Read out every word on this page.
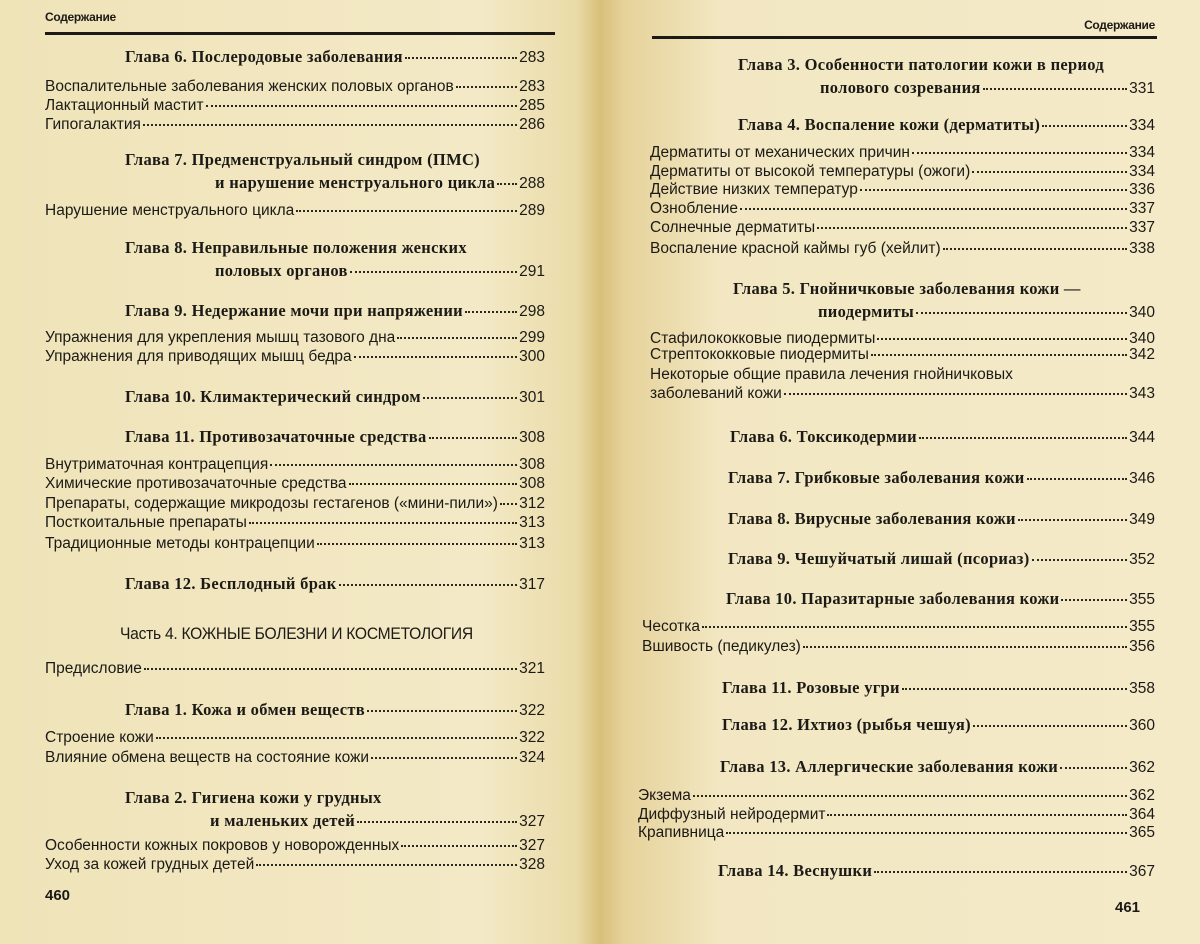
Содержание
Глава 6. Послеродовые заболевания	283
Воспалительные заболевания женских половых органов	283
Лактационный мастит	285
Гипогалактия	286
Глава 7. Предменструальный синдром (ПМС)
и нарушение менструального цикла 288
Нарушение менструального цикла	289
Глава 8. Неправильные положения женских
половых органов	291
Глава 9. Недержание мочи при напряжении	298
Упражнения для укрепления мышц тазового дна	299
Упражнения для приводящих мышц бедра	300
Глава 10. Климактерический синдром	301
Глава 11. Противозачаточные средства	308
Внутриматочная контрацепция	308
Химические противозачаточные средства	308
Препараты, содержащие микродозы гестагенов («мини-пили») 312
Посткоитальные препараты	313
Традиционные методы контрацепции	313
Глава 12. Бесплодный брак	317
Часть 4. КОЖНЫЕ БОЛЕЗНИ И КОСМЕТОЛОГИЯ
Предисловие	321
Глава 1. Кожа и обмен веществ	322
Строение кожи	322
Влияние обмена веществ на состояние кожи	324
Глава 2. Гигиена кожи у грудных
и маленьких детей	327
Особенности кожных покровов у новорожденных	327
Уход за кожей грудных детей	328
460
Содержание
Глава 3. Особенности патологии кожи в период
полового созревания	331
Глава 4. Воспаление кожи (дерматиты)	334
Дерматиты от механических причин	334
Дерматиты от высокой температуры (ожоги)	334
Действие низких температур	336
Ознобление	337
Солнечные дерматиты	337
Воспаление красной каймы губ (хейлит)	338
Глава 5. Гнойничковые заболевания кожи —
пиодермиты	340
Стафилококковые пиодермиты	340
Стрептококковые пиодермиты	342
Некоторые общие правила лечения гнойничковых
заболеваний кожи	343
Глава 6. Токсикодермии	344
Глава 7. Грибковые заболевания кожи	346
Глава 8. Вирусные заболевания кожи	349
Глава 9. Чешуйчатый лишай (псориаз)	352
Глава 10. Паразитарные заболевания кожи	355
Чесотка	355
Вшивость (педикулез)	356
Глава 11. Розовые угри	358
Глава 12. Ихтиоз (рыбья чешуя)	360
Глава 13. Аллергические заболевания кожи	362
Экзема	362
Диффузный нейродермит	364
Крапивница	365
Глава 14. Веснушки	367
461
